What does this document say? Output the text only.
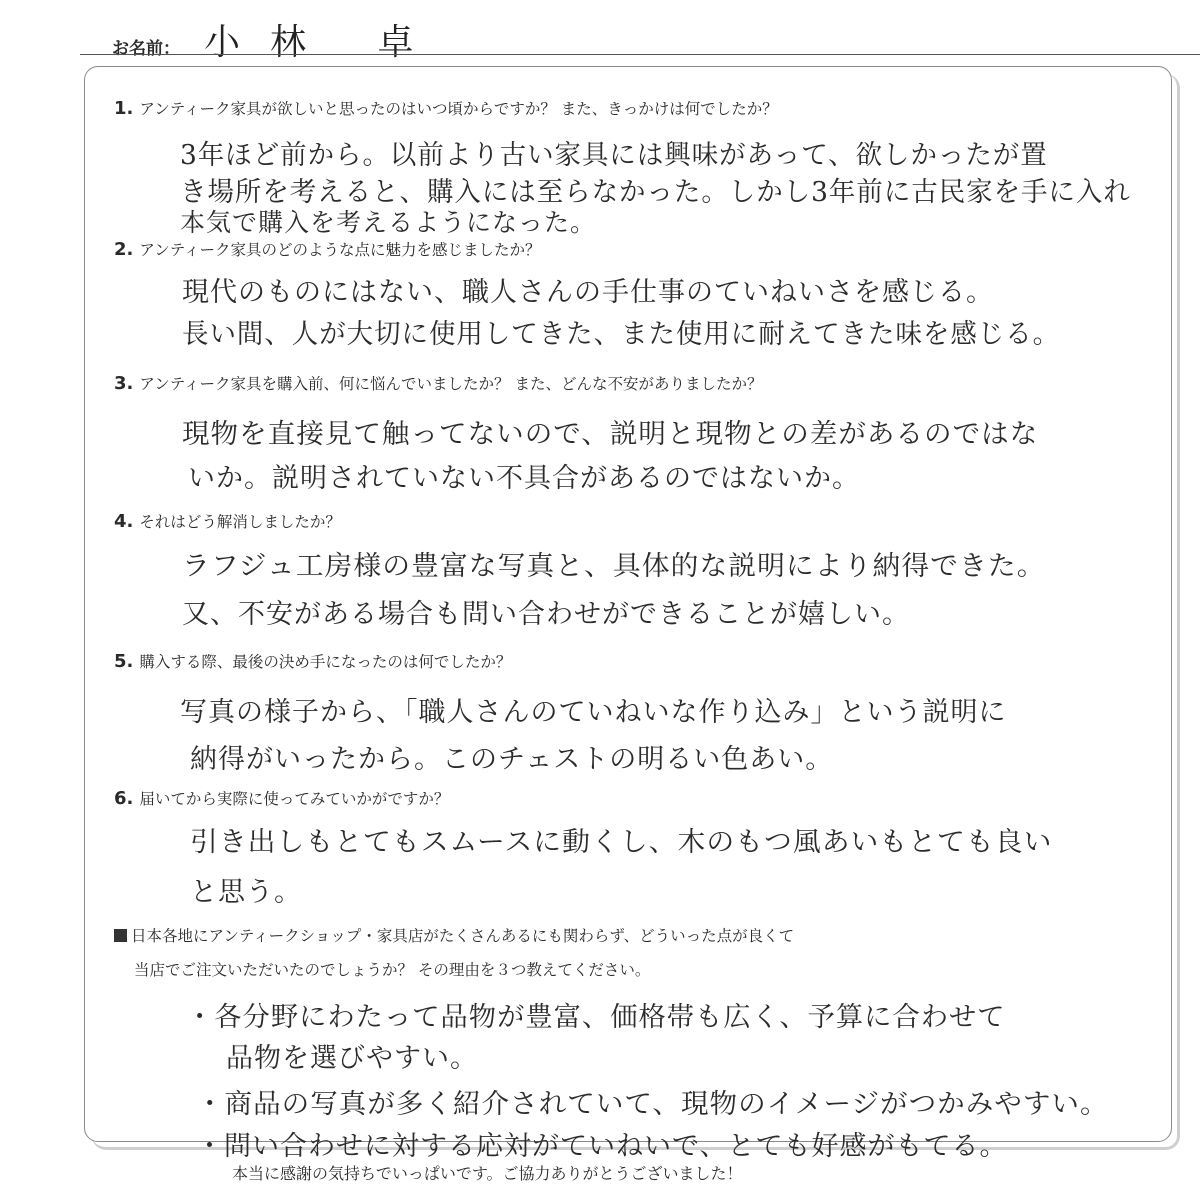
お名前： 小林 卓
1. アンティーク家具が欲しいと思ったのはいつ頃からですか？ また、きっかけは何でしたか？
3年ほど前から。以前より古い家具には興味があって、欲しかったが置
き場所を考えると、購入には至らなかった。しかし3年前に古民家を手に入れ
本気で購入を考えるようになった。
2. アンティーク家具のどのような点に魅力を感じましたか？
現代のものにはない、職人さんの手仕事のていねいさを感じる。
長い間、人が大切に使用してきた、また使用に耐えてきた味を感じる。
3. アンティーク家具を購入前、何に悩んでいましたか？ また、どんな不安がありましたか？
現物を直接見て触ってないので、説明と現物との差があるのではな
いか。説明されていない不具合があるのではないか。
4. それはどう解消しましたか？
ラフジュ工房様の豊富な写真と、具体的な説明により納得できた。
又、不安がある場合も問い合わせができることが嬉しい。
5. 購入する際、最後の決め手になったのは何でしたか？
写真の様子から、「職人さんのていねいな作り込み」という説明に
納得がいったから。このチェストの明るい色あい。
6. 届いてから実際に使ってみていかがですか？
引き出しもとてもスムースに動くし、木のもつ風あいもとても良い
と思う。
日本各地にアンティークショップ・家具店がたくさんあるにも関わらず、どういった点が良くて
当店でご注文いただいたのでしょうか？ その理由を３つ教えてください。
・各分野にわたって品物が豊富、価格帯も広く、予算に合わせて
品物を選びやすい。
・商品の写真が多く紹介されていて、現物のイメージがつかみやすい。
・問い合わせに対する応対がていねいで、とても好感がもてる。
本当に感謝の気持ちでいっぱいです。ご協力ありがとうございました！
